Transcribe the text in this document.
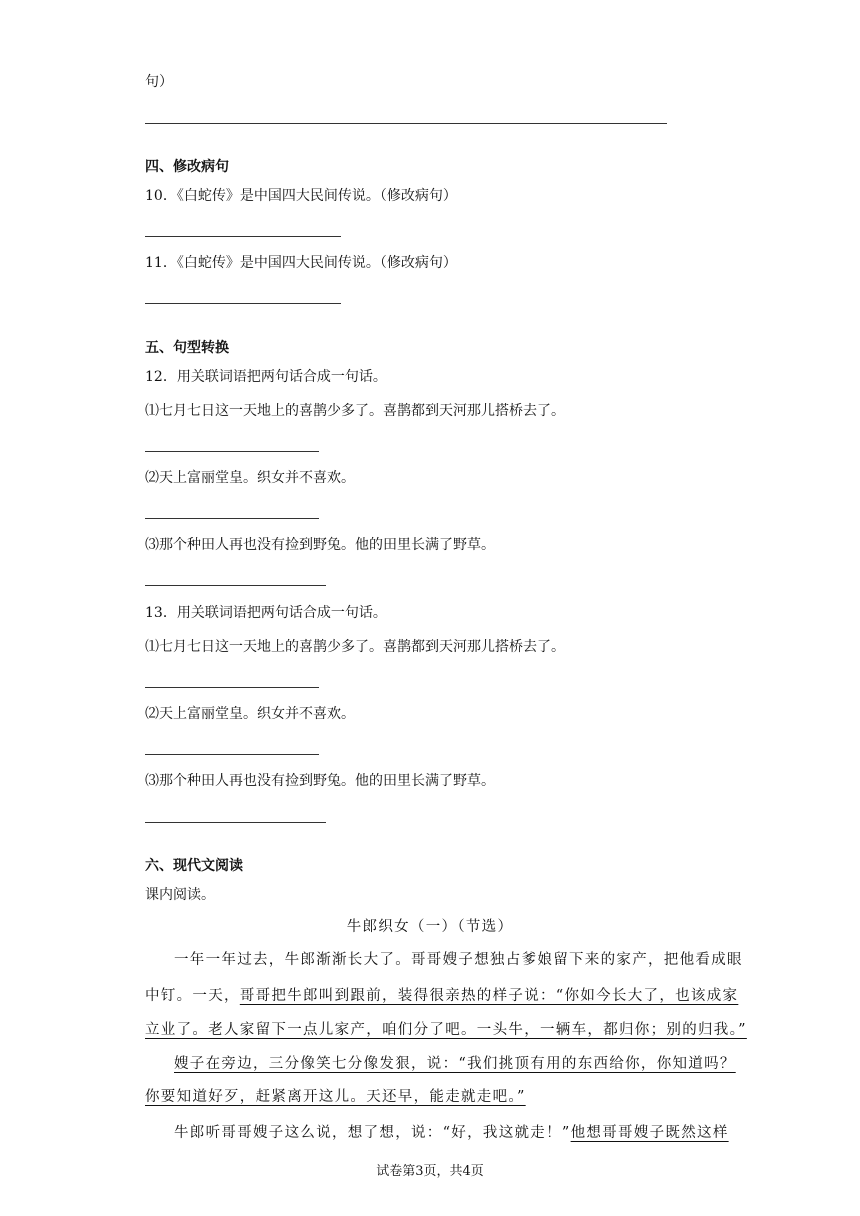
句）
四、修改病句
10．《白蛇传》是中国四大民间传说。（修改病句）
11．《白蛇传》是中国四大民间传说。（修改病句）
五、句型转换
12．用关联词语把两句话合成一句话。
⑴七月七日这一天地上的喜鹊少多了。喜鹊都到天河那儿搭桥去了。
⑵天上富丽堂皇。织女并不喜欢。
⑶那个种田人再也没有捡到野兔。他的田里长满了野草。
13．用关联词语把两句话合成一句话。
⑴七月七日这一天地上的喜鹊少多了。喜鹊都到天河那儿搭桥去了。
⑵天上富丽堂皇。织女并不喜欢。
⑶那个种田人再也没有捡到野兔。他的田里长满了野草。
六、现代文阅读
课内阅读。
牛郎织女（一）（节选）
一年一年过去，牛郎渐渐长大了。哥哥嫂子想独占爹娘留下来的家产，把他看成眼
中钉。一天，哥哥把牛郎叫到跟前，装得很亲热的样子说：“你如今长大了，也该成家
立业了。老人家留下一点儿家产，咱们分了吧。一头牛，一辆车，都归你；别的归我。”
嫂子在旁边，三分像笑七分像发狠，说：“我们挑顶有用的东西给你，你知道吗？
你要知道好歹，赶紧离开这儿。天还早，能走就走吧。”
牛郎听哥哥嫂子这么说，想了想，说：“好，我这就走！”他想哥哥嫂子既然这样
试卷第3页，共4页
